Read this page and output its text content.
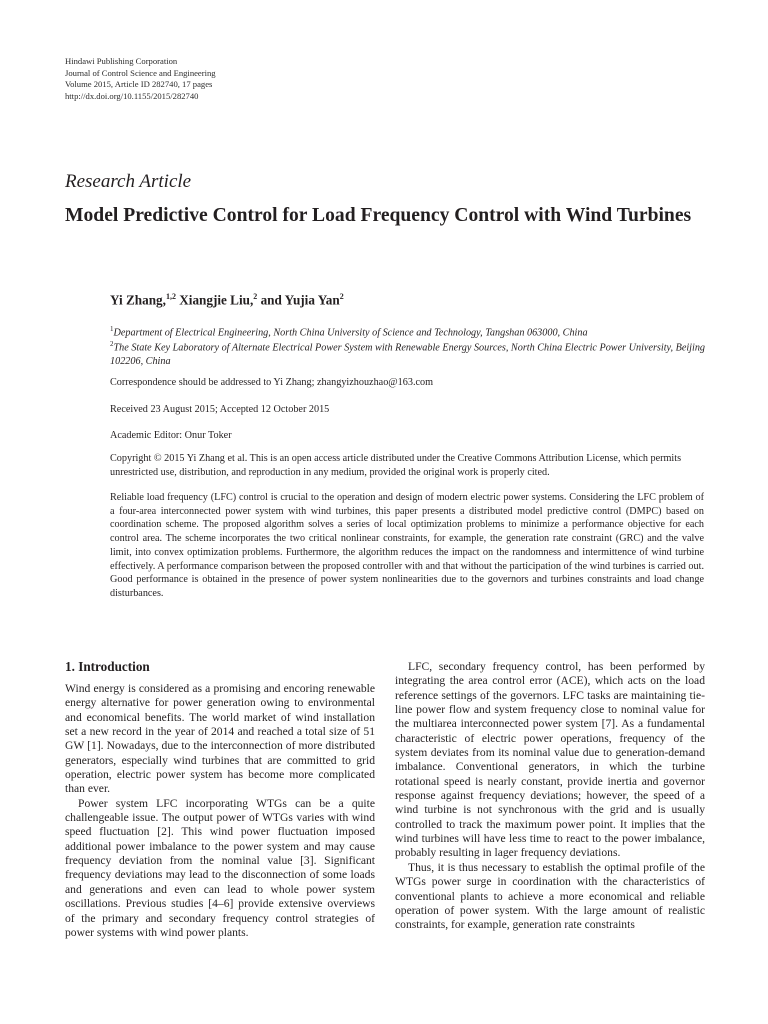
Hindawi Publishing Corporation
Journal of Control Science and Engineering
Volume 2015, Article ID 282740, 17 pages
http://dx.doi.org/10.1155/2015/282740
Research Article
Model Predictive Control for Load Frequency Control with Wind Turbines
Yi Zhang,$^{1,2}$ Xiangjie Liu,$^2$ and Yujia Yan$^2$
$^1$Department of Electrical Engineering, North China University of Science and Technology, Tangshan 063000, China
$^2$The State Key Laboratory of Alternate Electrical Power System with Renewable Energy Sources, North China Electric Power University, Beijing 102206, China
Correspondence should be addressed to Yi Zhang; zhangyizhouzhao@163.com
Received 23 August 2015; Accepted 12 October 2015
Academic Editor: Onur Toker
Copyright © 2015 Yi Zhang et al. This is an open access article distributed under the Creative Commons Attribution License, which permits unrestricted use, distribution, and reproduction in any medium, provided the original work is properly cited.
Reliable load frequency (LFC) control is crucial to the operation and design of modern electric power systems. Considering the LFC problem of a four-area interconnected power system with wind turbines, this paper presents a distributed model predictive control (DMPC) based on coordination scheme. The proposed algorithm solves a series of local optimization problems to minimize a performance objective for each control area. The scheme incorporates the two critical nonlinear constraints, for example, the generation rate constraint (GRC) and the valve limit, into convex optimization problems. Furthermore, the algorithm reduces the impact on the randomness and intermittence of wind turbine effectively. A performance comparison between the proposed controller with and that without the participation of the wind turbines is carried out. Good performance is obtained in the presence of power system nonlinearities due to the governors and turbines constraints and load change disturbances.
1. Introduction

Wind energy is considered as a promising and encoring renewable energy alternative for power generation owing to environmental and economical benefits. The world market of wind installation set a new record in the year of 2014 and reached a total size of 51 GW [1]. Nowadays, due to the interconnection of more distributed generators, especially wind turbines that are committed to grid operation, electric power system has become more complicated than ever.

Power system LFC incorporating WTGs can be a quite challengeable issue. The output power of WTGs varies with wind speed fluctuation [2]. This wind power fluctuation imposed additional power imbalance to the power system and may cause frequency deviation from the nominal value [3]. Significant frequency deviations may lead to the disconnection of some loads and generations and even can lead to whole power system oscillations. Previous studies [4–6] provide extensive overviews of the primary and secondary frequency control strategies of power systems with wind power plants.

LFC, secondary frequency control, has been performed by integrating the area control error (ACE), which acts on the load reference settings of the governors. LFC tasks are maintaining tie-line power flow and system frequency close to nominal value for the multiarea interconnected power system [7]. As a fundamental characteristic of electric power operations, frequency of the system deviates from its nominal value due to generation-demand imbalance. Conventional generators, in which the turbine rotational speed is nearly constant, provide inertia and governor response against frequency deviations; however, the speed of a wind turbine is not synchronous with the grid and is usually controlled to track the maximum power point. It implies that the wind turbines will have less time to react to the power imbalance, probably resulting in lager frequency deviations.

Thus, it is thus necessary to establish the optimal profile of the WTGs power surge in coordination with the characteristics of conventional plants to achieve a more economical and reliable operation of power system. With the large amount of realistic constraints, for example, generation rate constraints
